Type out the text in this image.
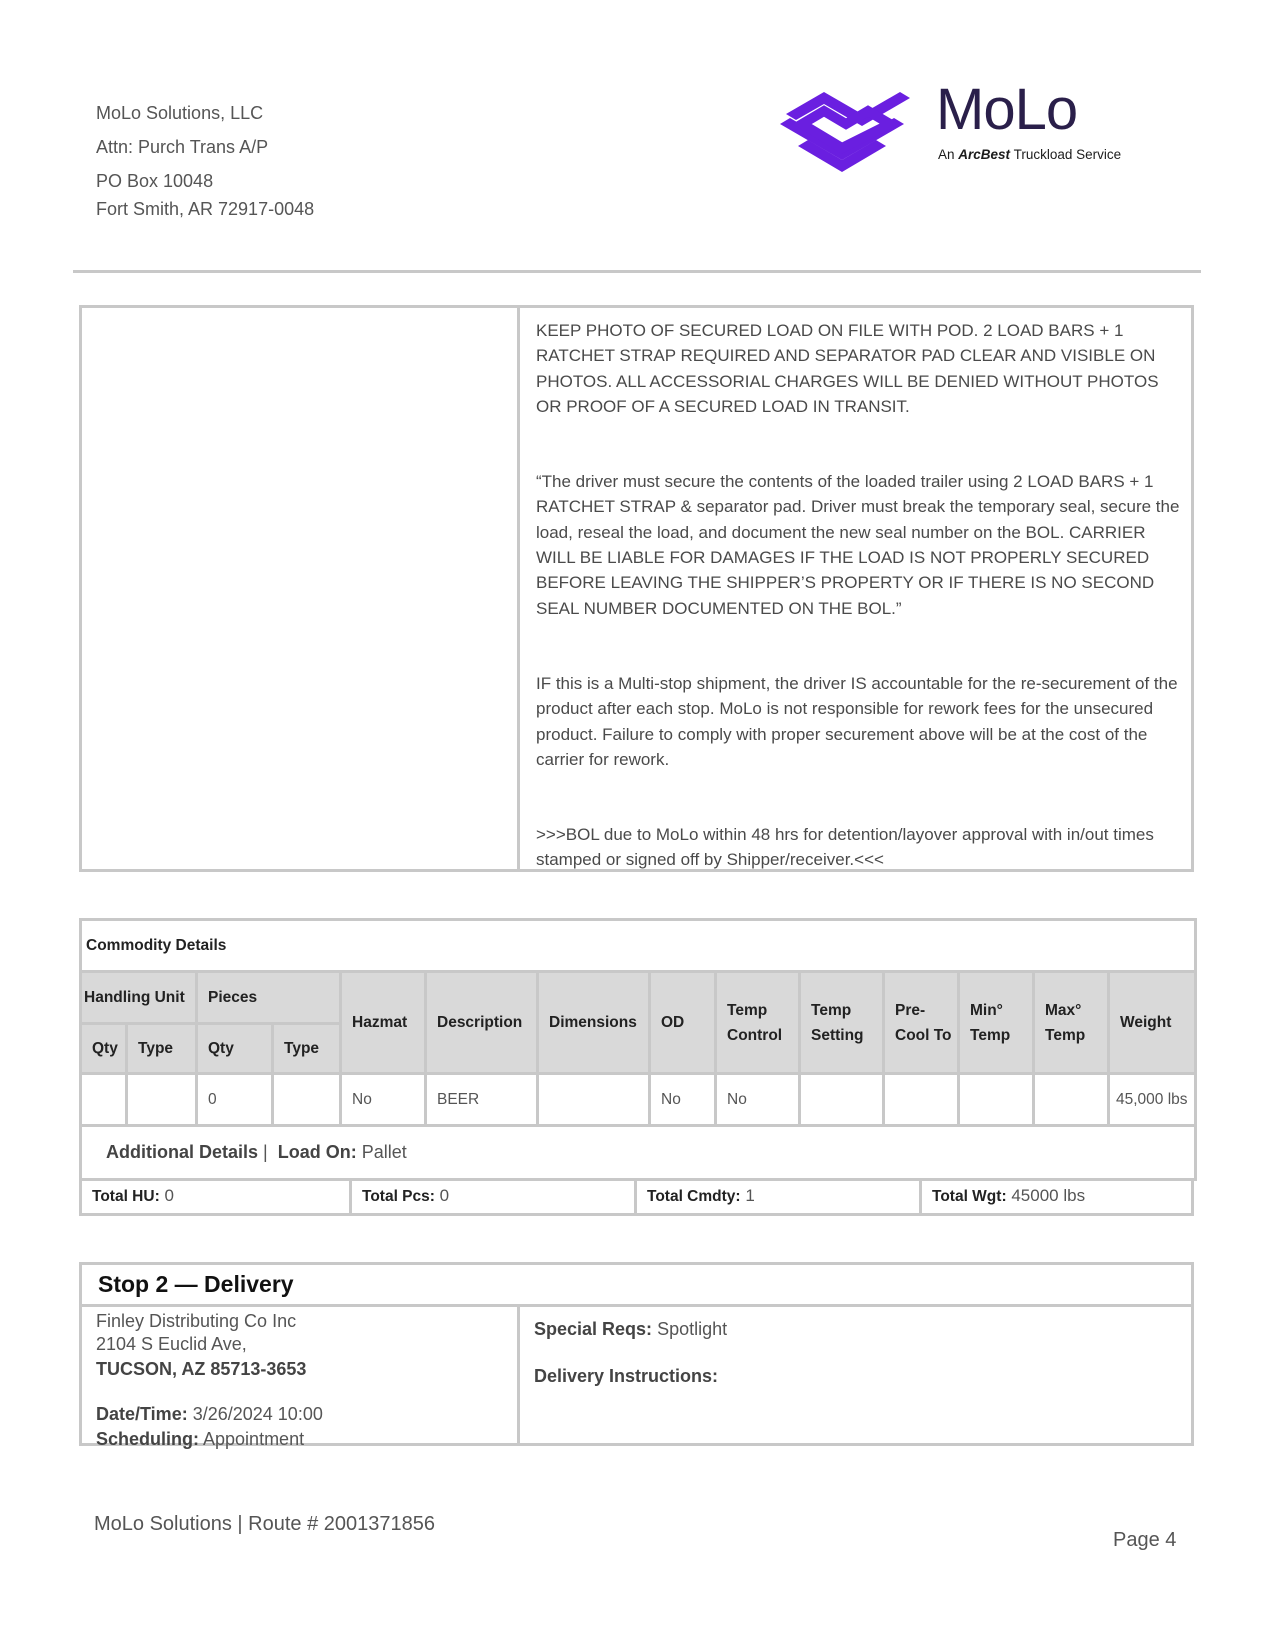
MoLo Solutions, LLC
Attn: Purch Trans A/P
PO Box 10048
Fort Smith, AR 72917-0048
MoLo
An ArcBest Truckload Service

KEEP PHOTO OF SECURED LOAD ON FILE WITH POD. 2 LOAD BARS + 1 RATCHET STRAP REQUIRED AND SEPARATOR PAD CLEAR AND VISIBLE ON PHOTOS. ALL ACCESSORIAL CHARGES WILL BE DENIED WITHOUT PHOTOS OR PROOF OF A SECURED LOAD IN TRANSIT.

“The driver must secure the contents of the loaded trailer using 2 LOAD BARS + 1 RATCHET STRAP & separator pad. Driver must break the temporary seal, secure the load, reseal the load, and document the new seal number on the BOL. CARRIER WILL BE LIABLE FOR DAMAGES IF THE LOAD IS NOT PROPERLY SECURED BEFORE LEAVING THE SHIPPER’S PROPERTY OR IF THERE IS NO SECOND SEAL NUMBER DOCUMENTED ON THE BOL.”

IF this is a Multi-stop shipment, the driver IS accountable for the re-securement of the product after each stop. MoLo is not responsible for rework fees for the unsecured product. Failure to comply with proper securement above will be at the cost of the carrier for rework.

>>>BOL due to MoLo within 48 hrs for detention/layover approval with in/out times stamped or signed off by Shipper/receiver.<<<

Commodity Details													
Handling Unit		Pieces		Hazmat	Description	Dimensions	OD	Temp Control	Temp Setting	Pre-Cool To	Min° Temp	Max° Temp	Weight
Qty	Type	Qty	Type										
		0		No	BEER		No	No					45,000 lbs
Additional Details | Load On: Pallet													
Total HU: 0	Total Pcs: 0	Total Cmdty: 1	Total Wgt: 45000 lbs
Stop 2 — Delivery
Finley Distributing Co Inc
2104 S Euclid Ave,
TUCSON, AZ 85713-3653
Date/Time: 3/26/2024 10:00
Scheduling: Appointment
Special Reqs: Spotlight
Delivery Instructions:
MoLo Solutions | Route # 2001371856
Page 4
